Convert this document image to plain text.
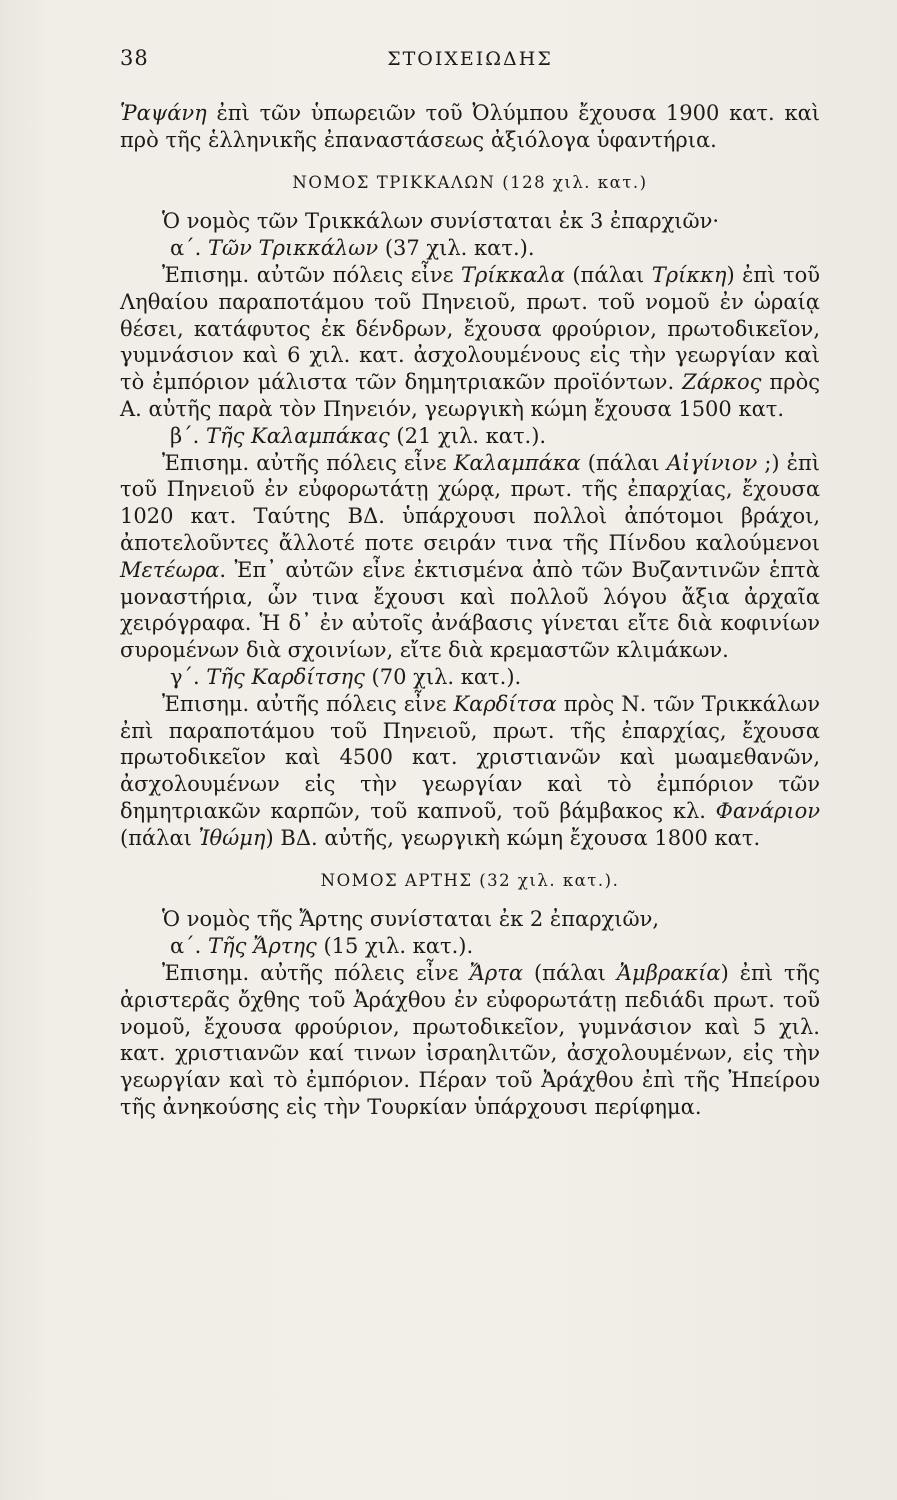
38	ΣΤΟΙΧΕΙΩΔΗΣ

Ῥαψάνη ἐπὶ τῶν ὑπωρειῶν τοῦ Ὀλύμπου ἔχουσα 1900 κατ. καὶ πρὸ τῆς ἑλληνικῆς ἐπαναστάσεως ἀξιόλογα ὑφαντήρια.

ΝΟΜΟΣ ΤΡΙΚΚΑΛΩΝ (128 χιλ. κατ.)

Ὁ νομὸς τῶν Τρικκάλων συνίσταται ἐκ 3 ἐπαρχιῶν·

α΄. Τῶν Τρικκάλων (37 χιλ. κατ.).

Ἐπισημ. αὐτῶν πόλεις εἶνε Τρίκκαλα (πάλαι Τρίκκη) ἐπὶ τοῦ Ληθαίου παραποτάμου τοῦ Πηνειοῦ, πρωτ. τοῦ νομοῦ ἐν ὡραίᾳ θέσει, κατάφυτος ἐκ δένδρων, ἔχουσα φρούριον, πρωτοδικεῖον, γυμνάσιον καὶ 6 χιλ. κατ. ἀσχολουμένους εἰς τὴν γεωργίαν καὶ τὸ ἐμπόριον μάλιστα τῶν δημητριακῶν προϊόντων. Ζάρκος πρὸς Α. αὐτῆς παρὰ τὸν Πηνειόν, γεωργικὴ κώμη ἔχουσα 1500 κατ.

β΄. Τῆς Καλαμπάκας (21 χιλ. κατ.).

Ἐπισημ. αὐτῆς πόλεις εἶνε Καλαμπάκα (πάλαι Αἰγίνιον ;) ἐπὶ τοῦ Πηνειοῦ ἐν εὐφορωτάτῃ χώρᾳ, πρωτ. τῆς ἐπαρχίας, ἔχουσα 1020 κατ. Ταύτης ΒΔ. ὑπάρχουσι πολλοὶ ἀπότομοι βράχοι, ἀποτελοῦντες ἄλλοτέ ποτε σειράν τινα τῆς Πίνδου καλούμενοι Μετέωρα. Ἐπ᾽ αὐτῶν εἶνε ἐκτισμένα ἀπὸ τῶν Βυζαντινῶν ἑπτὰ μοναστήρια, ὧν τινα ἔχουσι καὶ πολλοῦ λόγου ἄξια ἀρχαῖα χειρόγραφα. Ἡ δ᾽ ἐν αὐτοῖς ἀνάβασις γίνεται εἴτε διὰ κοφινίων συρομένων διὰ σχοινίων, εἴτε διὰ κρεμαστῶν κλιμάκων.

γ΄. Τῆς Καρδίτσης (70 χιλ. κατ.).

Ἐπισημ. αὐτῆς πόλεις εἶνε Καρδίτσα πρὸς Ν. τῶν Τρικκάλων ἐπὶ παραποτάμου τοῦ Πηνειοῦ, πρωτ. τῆς ἐπαρχίας, ἔχουσα πρωτοδικεῖον καὶ 4500 κατ. χριστιανῶν καὶ μωαμεθανῶν, ἀσχολουμένων εἰς τὴν γεωργίαν καὶ τὸ ἐμπόριον τῶν δημητριακῶν καρπῶν, τοῦ καπνοῦ, τοῦ βάμβακος κλ. Φανάριον (πάλαι Ἰθώμη) ΒΔ. αὐτῆς, γεωργικὴ κώμη ἔχουσα 1800 κατ.

ΝΟΜΟΣ ΑΡΤΗΣ (32 χιλ. κατ.).

Ὁ νομὸς τῆς Ἄρτης συνίσταται ἐκ 2 ἐπαρχιῶν,

α΄. Τῆς Ἄρτης (15 χιλ. κατ.).

Ἐπισημ. αὐτῆς πόλεις εἶνε Ἄρτα (πάλαι Ἀμβρακία) ἐπὶ τῆς ἀριστερᾶς ὄχθης τοῦ Ἀράχθου ἐν εὐφορωτάτῃ πεδιάδι πρωτ. τοῦ νομοῦ, ἔχουσα φρούριον, πρωτοδικεῖον, γυμνάσιον καὶ 5 χιλ. κατ. χριστιανῶν καί τινων ἰσραηλιτῶν, ἀσχολουμένων, εἰς τὴν γεωργίαν καὶ τὸ ἐμπόριον. Πέραν τοῦ Ἀράχθου ἐπὶ τῆς Ἠπείρου τῆς ἀνηκούσης εἰς τὴν Τουρκίαν ὑπάρχουσι περίφημα.
